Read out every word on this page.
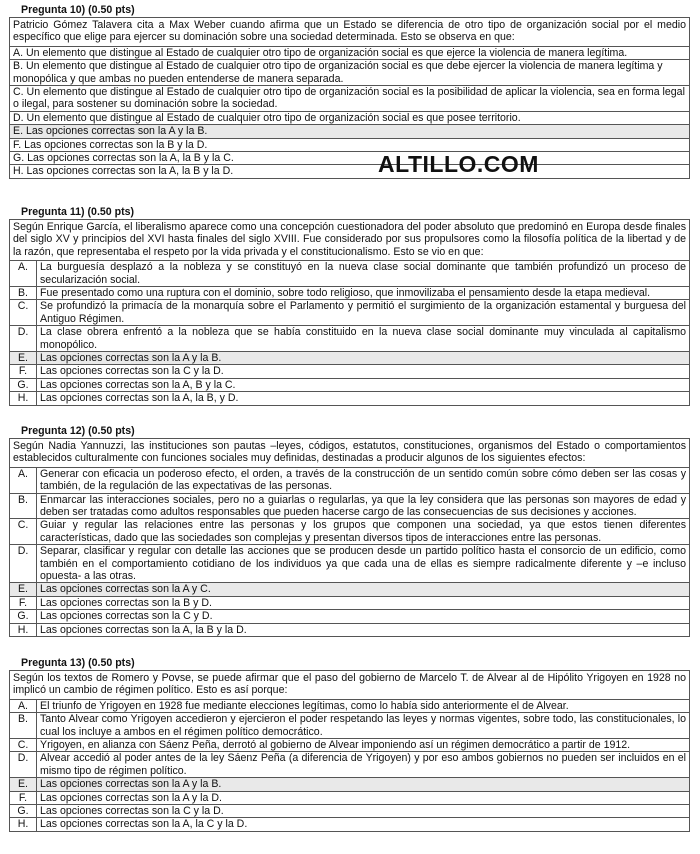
Pregunta 10) (0.50 pts)
Patricio Gómez Talavera cita a Max Weber cuando afirma que un Estado se diferencia de otro tipo de organización social por el medio específico que elige para ejercer su dominación sobre una sociedad determinada. Esto se observa en que:
A. Un elemento que distingue al Estado de cualquier otro tipo de organización social es que ejerce la violencia de manera legítima.
B. Un elemento que distingue al Estado de cualquier otro tipo de organización social es que debe ejercer la violencia de manera legítima y monopólica y que ambas no pueden entenderse de manera separada.
C. Un elemento que distingue al Estado de cualquier otro tipo de organización social es la posibilidad de aplicar la violencia, sea en forma legal o ilegal, para sostener su dominación sobre la sociedad.
D. Un elemento que distingue al Estado de cualquier otro tipo de organización social es que posee territorio.
E. Las opciones correctas son la A y la B.
F. Las opciones correctas son la B y la D.
G. Las opciones correctas son la A, la B y la C.
H. Las opciones correctas son la A, la B y la D.	ALTILLO.COM
Pregunta 11) (0.50 pts)
Según Enrique García, el liberalismo aparece como una concepción cuestionadora del poder absoluto que predominó en Europa desde finales del siglo XV y principios del XVI hasta finales del siglo XVIII. Fue considerado por sus propulsores como la filosofía política de la libertad y de la razón, que representaba el respeto por la vida privada y el constitucionalismo. Esto se vio en que:
A.	La burguesía desplazó a la nobleza y se constituyó en la nueva clase social dominante que también profundizó un proceso de secularización social.
B.	Fue presentado como una ruptura con el dominio, sobre todo religioso, que inmovilizaba el pensamiento desde la etapa medieval.
C.	Se profundizó la primacía de la monarquía sobre el Parlamento y permitió el surgimiento de la organización estamental y burguesa del Antiguo Régimen.
D.	La clase obrera enfrentó a la nobleza que se había constituido en la nueva clase social dominante muy vinculada al capitalismo monopólico.
E.	Las opciones correctas son la A y la B.
F.	Las opciones correctas son la C y la D.
G.	Las opciones correctas son la A, B y la C.
H.	Las opciones correctas son la A, la B, y D.
Pregunta 12) (0.50 pts)
Según Nadia Yannuzzi, las instituciones son pautas –leyes, códigos, estatutos, constituciones, organismos del Estado o comportamientos establecidos culturalmente con funciones sociales muy definidas, destinadas a producir algunos de los siguientes efectos:
A.	Generar con eficacia un poderoso efecto, el orden, a través de la construcción de un sentido común sobre cómo deben ser las cosas y también, de la regulación de las expectativas de las personas.
B.	Enmarcar las interacciones sociales, pero no a guiarlas o regularlas, ya que la ley considera que las personas son mayores de edad y deben ser tratadas como adultos responsables que pueden hacerse cargo de las consecuencias de sus decisiones y acciones.
C.	Guiar y regular las relaciones entre las personas y los grupos que componen una sociedad, ya que estos tienen diferentes características, dado que las sociedades son complejas y presentan diversos tipos de interacciones entre las personas.
D.	Separar, clasificar y regular con detalle las acciones que se producen desde un partido político hasta el consorcio de un edificio, como también en el comportamiento cotidiano de los individuos ya que cada una de ellas es siempre radicalmente diferente y –e incluso opuesta- a las otras.
E.	Las opciones correctas son la A y C.
F.	Las opciones correctas son la B y D.
G.	Las opciones correctas son la C y D.
H.	Las opciones correctas son la A, la B y la D.
Pregunta 13) (0.50 pts)
Según los textos de Romero y Povse, se puede afirmar que el paso del gobierno de Marcelo T. de Alvear al de Hipólito Yrigoyen en 1928 no implicó un cambio de régimen político. Esto es así porque:
A.	El triunfo de Yrigoyen en 1928 fue mediante elecciones legítimas, como lo había sido anteriormente el de Alvear.
B.	Tanto Alvear como Yrigoyen accedieron y ejercieron el poder respetando las leyes y normas vigentes, sobre todo, las constitucionales, lo cual los incluye a ambos en el régimen político democrático.
C.	Yrigoyen, en alianza con Sáenz Peña, derrotó al gobierno de Alvear imponiendo así un régimen democrático a partir de 1912.
D.	Alvear accedió al poder antes de la ley Sáenz Peña (a diferencia de Yrigoyen) y por eso ambos gobiernos no pueden ser incluidos en el mismo tipo de régimen político.
E.	Las opciones correctas son la A y la B.
F.	Las opciones correctas son la A y la D.
G.	Las opciones correctas son la C y la D.
H.	Las opciones correctas son la A, la C y la D.
